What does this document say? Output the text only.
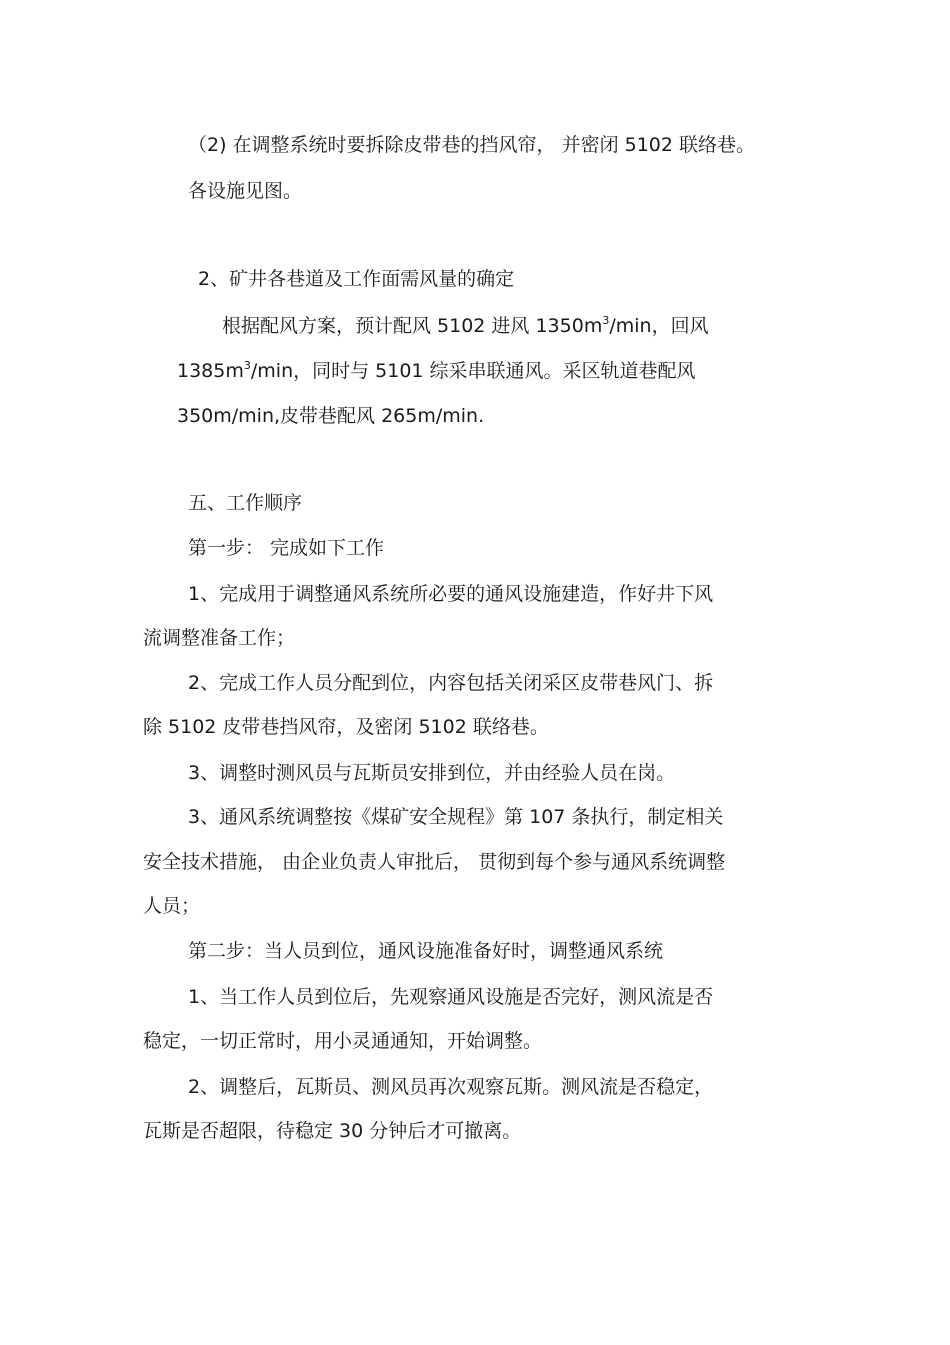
（2) 在调整系统时要拆除皮带巷的挡风帘， 并密闭 5102 联络巷。
各设施见图。
2、矿井各巷道及工作面需风量的确定
根据配风方案，预计配风 5102 进风 $1350m^3/\min$，回风
$1385m^3/\min$，同时与 5101 综采串联通风。采区轨道巷配风
350m/min,皮带巷配风 265m/min.
五、工作顺序
第一步： 完成如下工作
1、完成用于调整通风系统所必要的通风设施建造，作好井下风
流调整准备工作；
2、完成工作人员分配到位，内容包括关闭采区皮带巷风门、拆
除 5102 皮带巷挡风帘，及密闭 5102 联络巷。
3、调整时测风员与瓦斯员安排到位，并由经验人员在岗。
3、通风系统调整按《煤矿安全规程》第 107 条执行，制定相关
安全技术措施， 由企业负责人审批后， 贯彻到每个参与通风系统调整
人员；
第二步：当人员到位，通风设施准备好时，调整通风系统
1、当工作人员到位后，先观察通风设施是否完好，测风流是否
稳定，一切正常时，用小灵通通知，开始调整。
2、调整后，瓦斯员、测风员再次观察瓦斯。测风流是否稳定，
瓦斯是否超限，待稳定 30 分钟后才可撤离。
